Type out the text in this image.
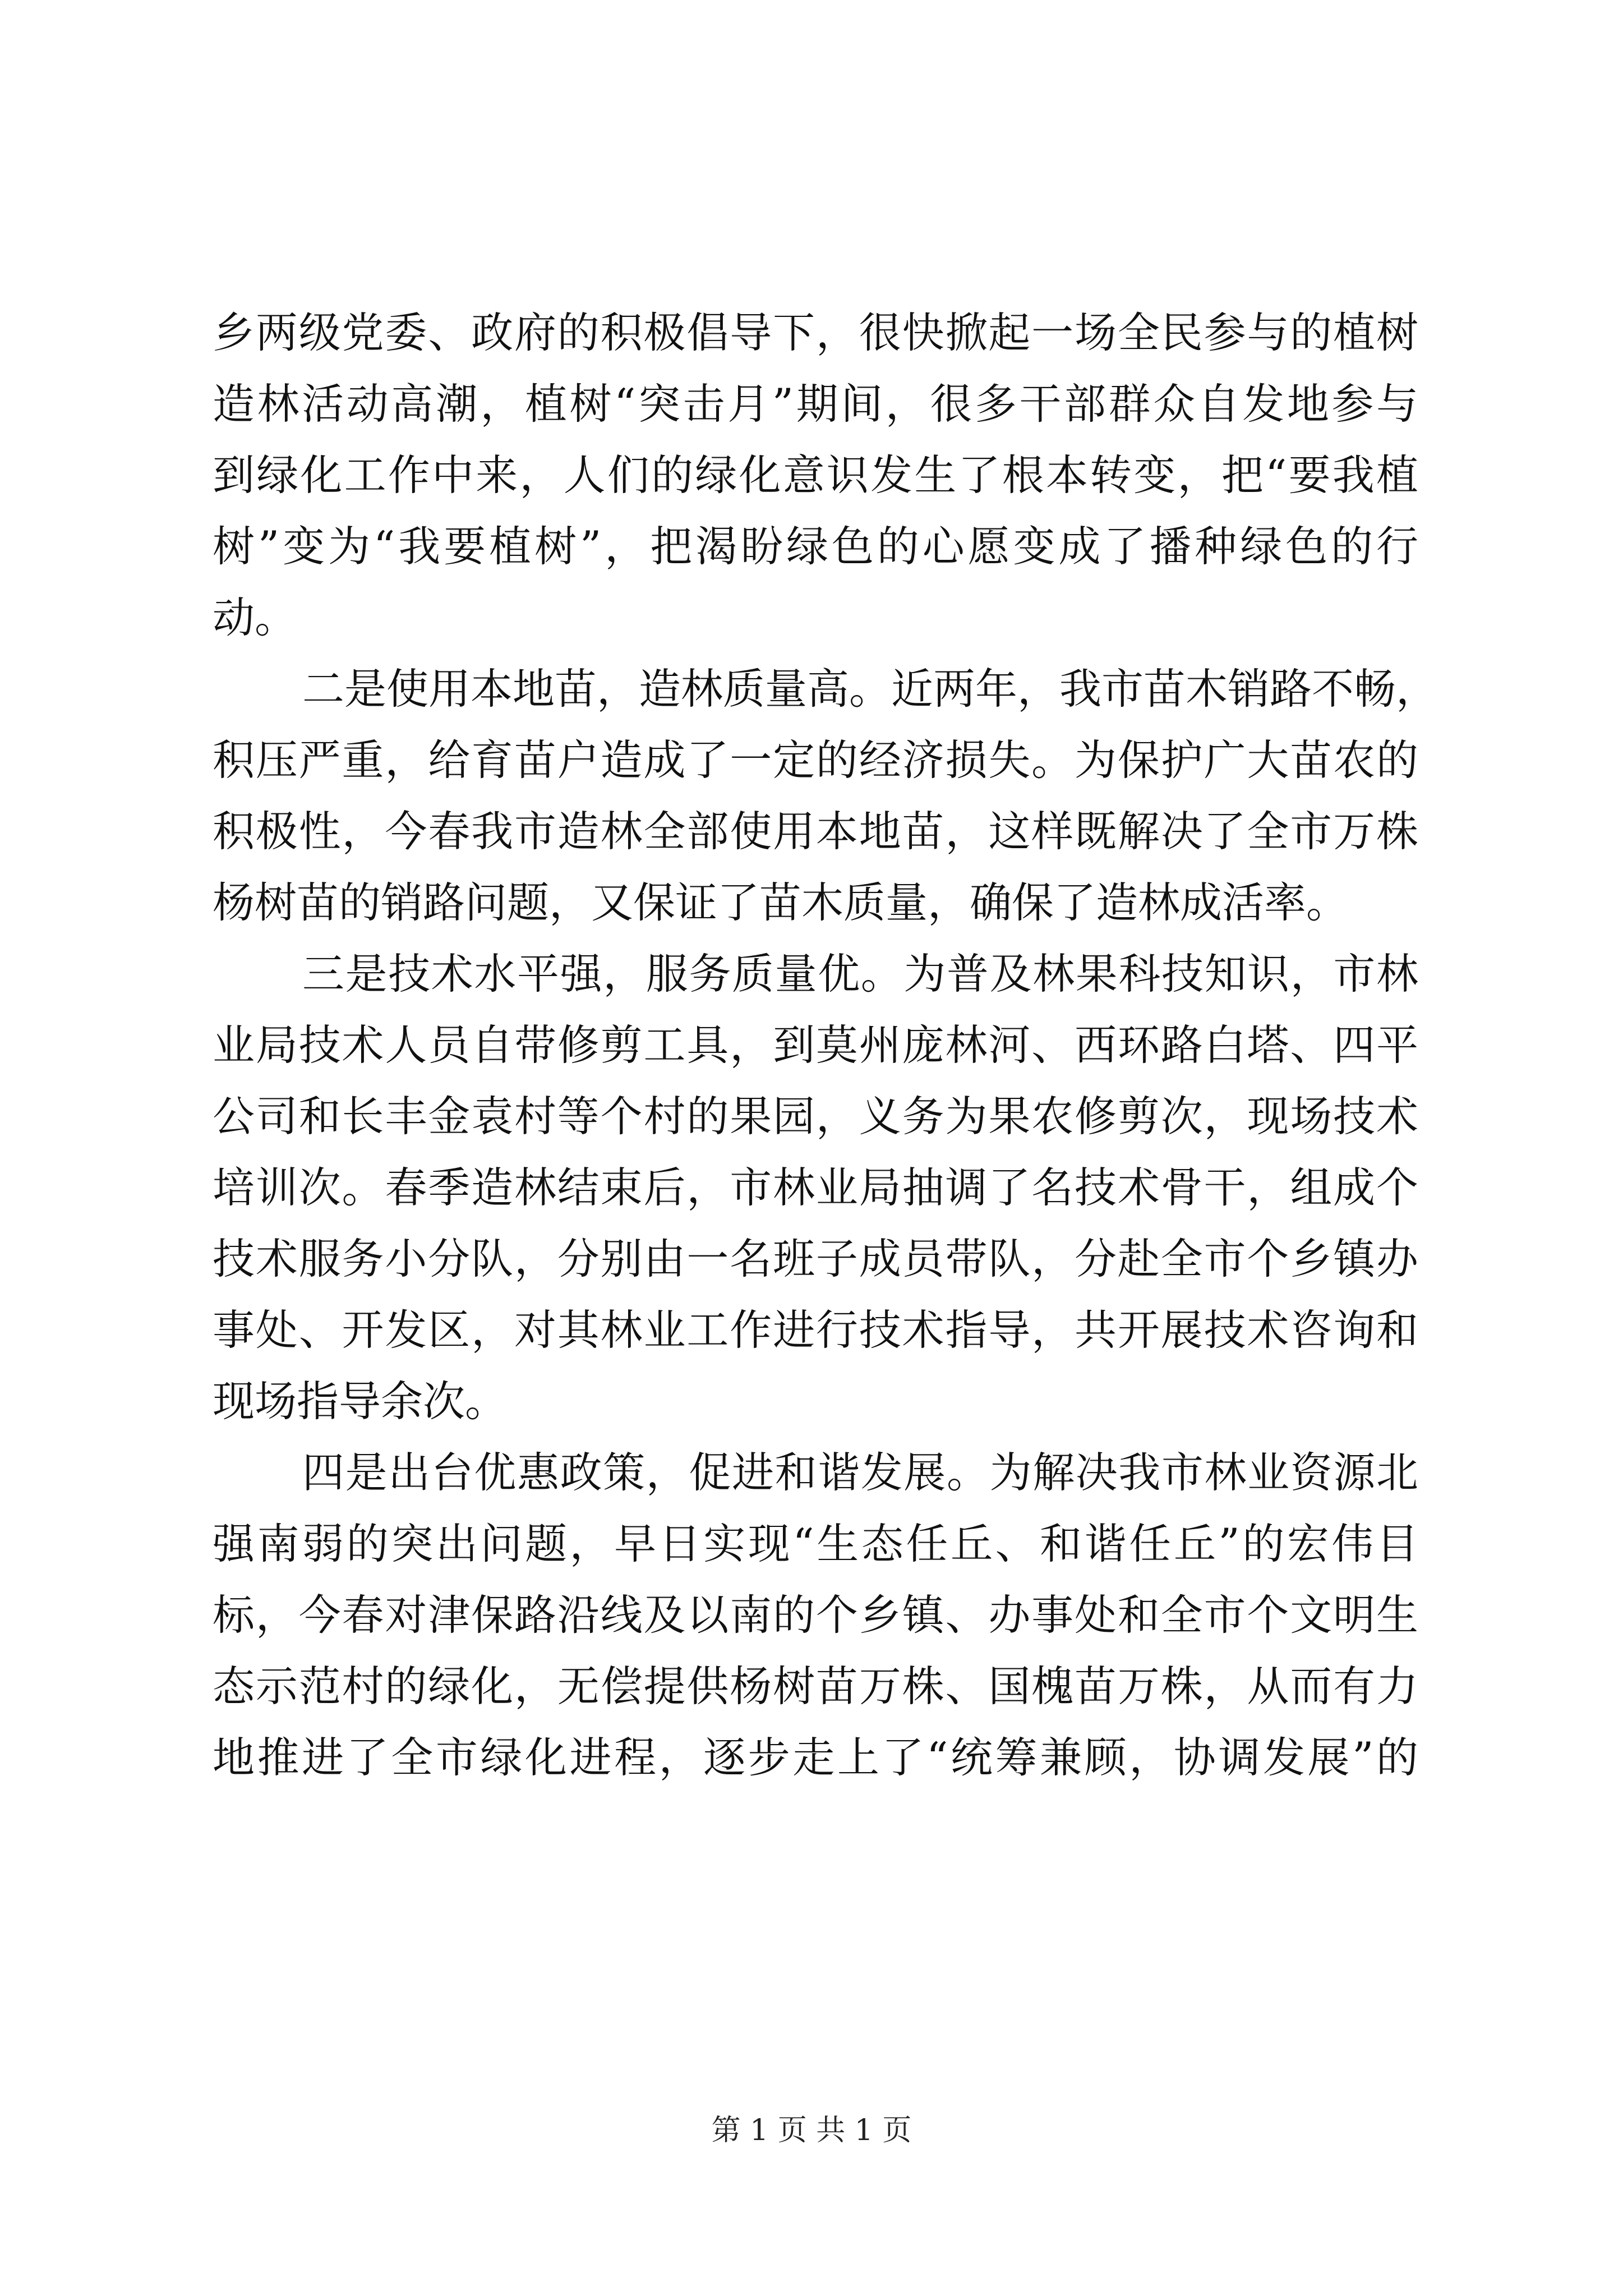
乡两级党委、政府的积极倡导下，很快掀起一场全民参与的植树
造林活动高潮，植树“突击月”期间，很多干部群众自发地参与
到绿化工作中来，人们的绿化意识发生了根本转变，把“要我植
树”变为“我要植树”，把渴盼绿色的心愿变成了播种绿色的行
动。
二是使用本地苗，造林质量高。近两年，我市苗木销路不畅，
积压严重，给育苗户造成了一定的经济损失。为保护广大苗农的
积极性，今春我市造林全部使用本地苗，这样既解决了全市万株
杨树苗的销路问题，又保证了苗木质量，确保了造林成活率。
三是技术水平强，服务质量优。为普及林果科技知识，市林
业局技术人员自带修剪工具，到莫州庞林河、西环路白塔、四平
公司和长丰金袁村等个村的果园，义务为果农修剪次，现场技术
培训次。春季造林结束后，市林业局抽调了名技术骨干，组成个
技术服务小分队，分别由一名班子成员带队，分赴全市个乡镇办
事处、开发区，对其林业工作进行技术指导，共开展技术咨询和
现场指导余次。
四是出台优惠政策，促进和谐发展。为解决我市林业资源北
强南弱的突出问题，早日实现“生态任丘、和谐任丘”的宏伟目
标，今春对津保路沿线及以南的个乡镇、办事处和全市个文明生
态示范村的绿化，无偿提供杨树苗万株、国槐苗万株，从而有力
地推进了全市绿化进程，逐步走上了“统筹兼顾，协调发展”的
第 1 页 共 1 页
